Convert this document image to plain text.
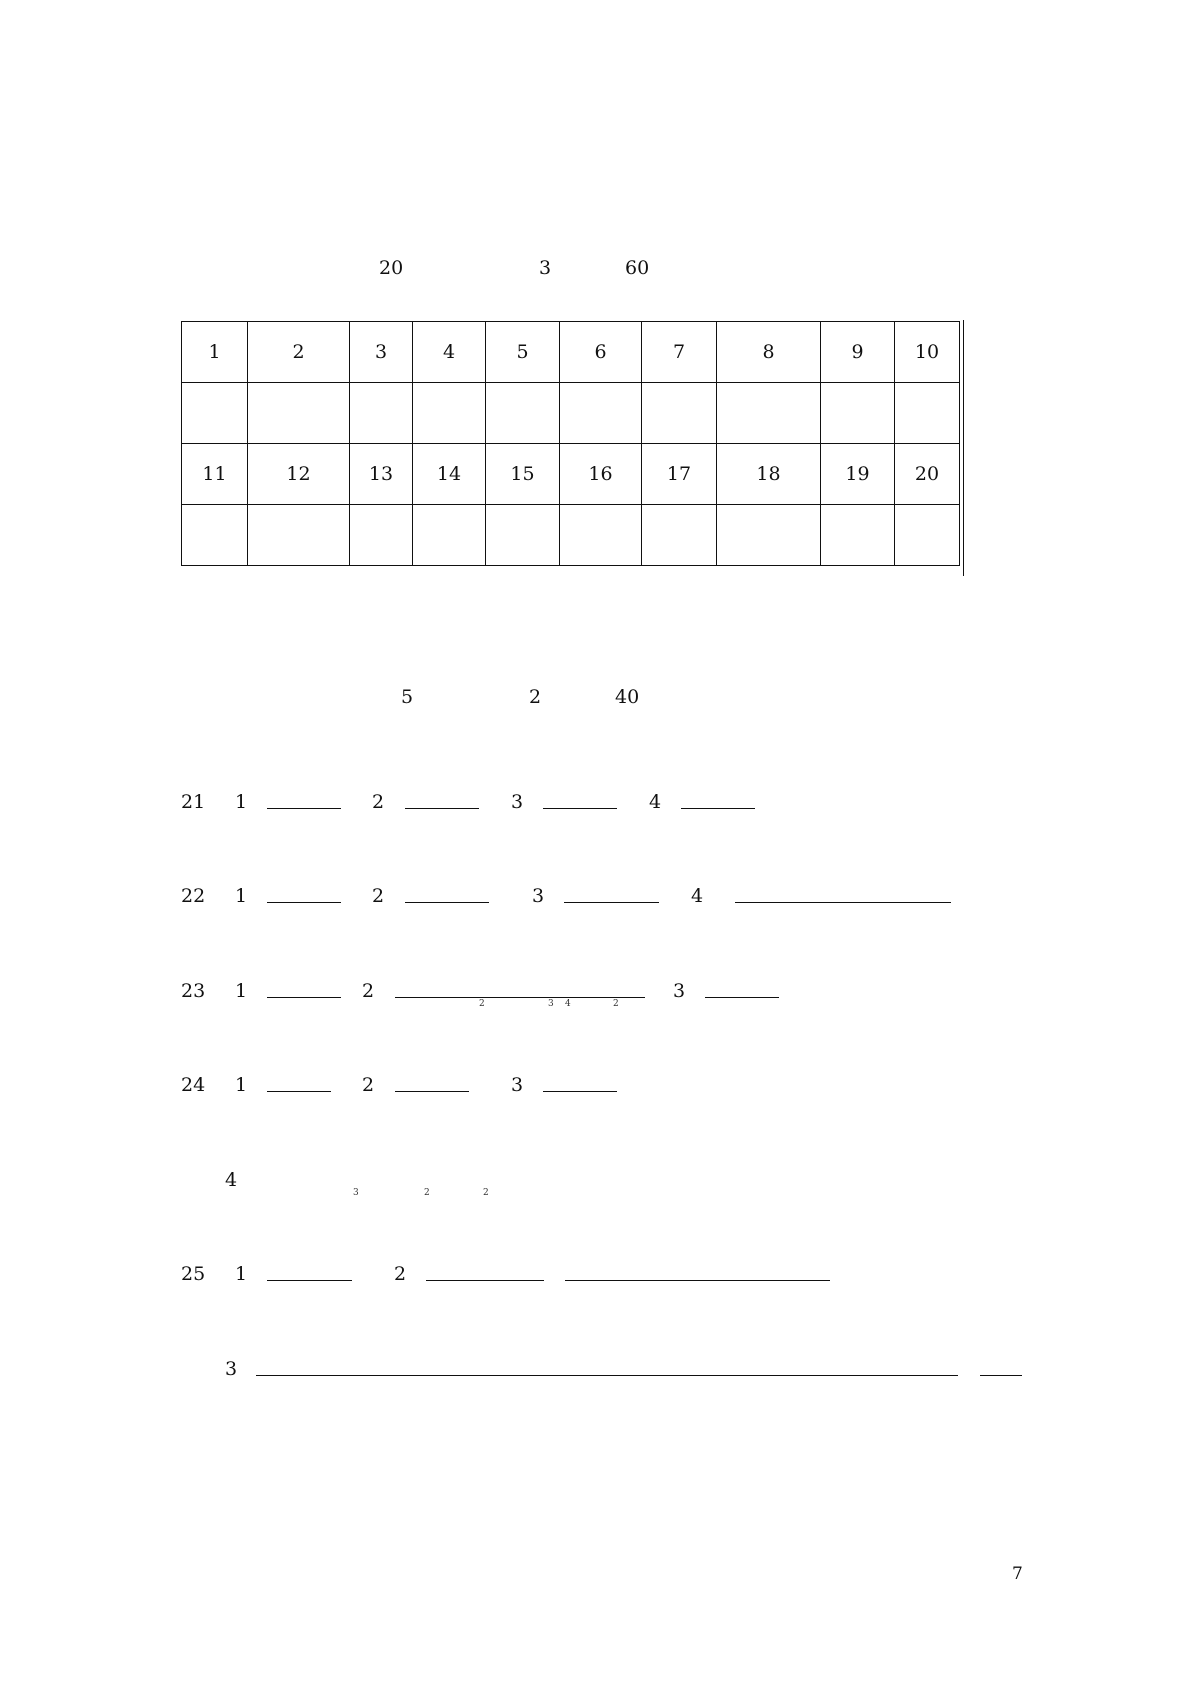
20	3	60
1	2	3	4	5	6	7	8	9	10

11	12	13	14	15	16	17	18	19	20

5	2	40
21 1	2	3	4
22 1	2	3	4
23 1	2
2	3 4	2
3
24 1	2	3
4
3	2	2
25 1	2
3
7
